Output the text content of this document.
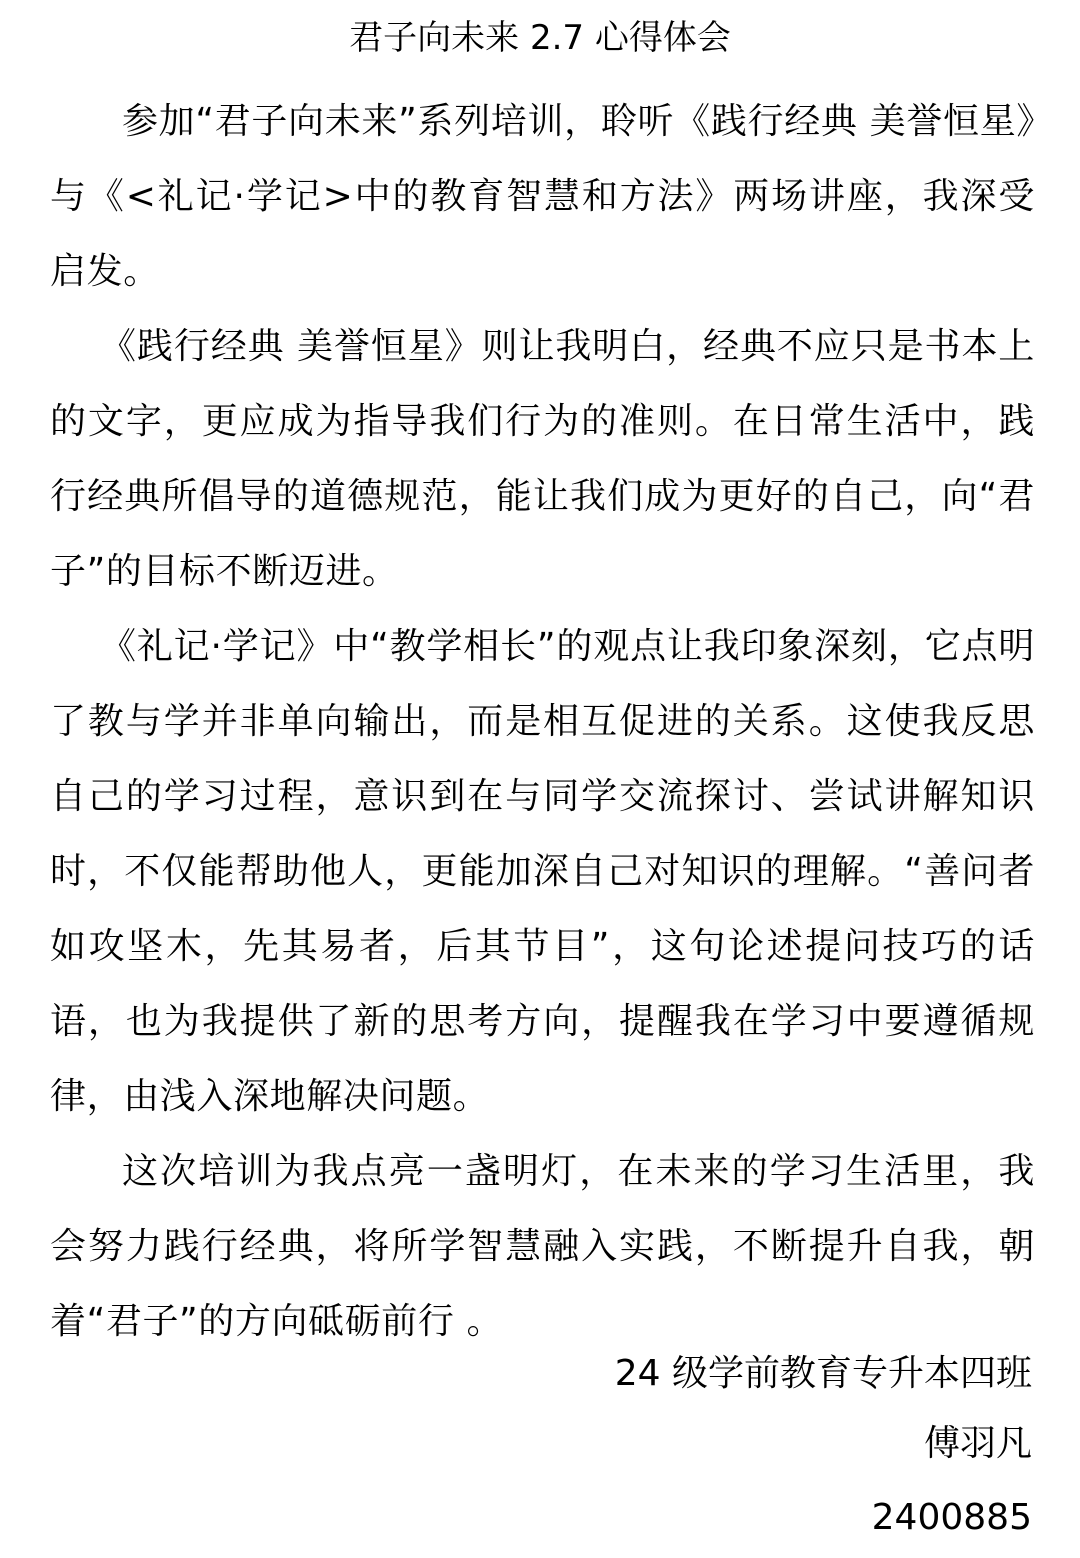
君子向未来 2.7 心得体会

参加“君子向未来”系列培训，聆听《践行经典 美誉恒星》与《<礼记·学记>中的教育智慧和方法》两场讲座，我深受启发。

《践行经典 美誉恒星》则让我明白，经典不应只是书本上的文字，更应成为指导我们行为的准则。在日常生活中，践行经典所倡导的道德规范，能让我们成为更好的自己，向“君子”的目标不断迈进。

《礼记·学记》中“教学相长”的观点让我印象深刻，它点明了教与学并非单向输出，而是相互促进的关系。这使我反思自己的学习过程，意识到在与同学交流探讨、尝试讲解知识时，不仅能帮助他人，更能加深自己对知识的理解。“善问者如攻坚木，先其易者，后其节目”，这句论述提问技巧的话语，也为我提供了新的思考方向，提醒我在学习中要遵循规律，由浅入深地解决问题。

这次培训为我点亮一盏明灯，在未来的学习生活里，我会努力践行经典，将所学智慧融入实践，不断提升自我，朝着“君子”的方向砥砺前行 。

24 级学前教育专升本四班

傅羽凡

2400885
